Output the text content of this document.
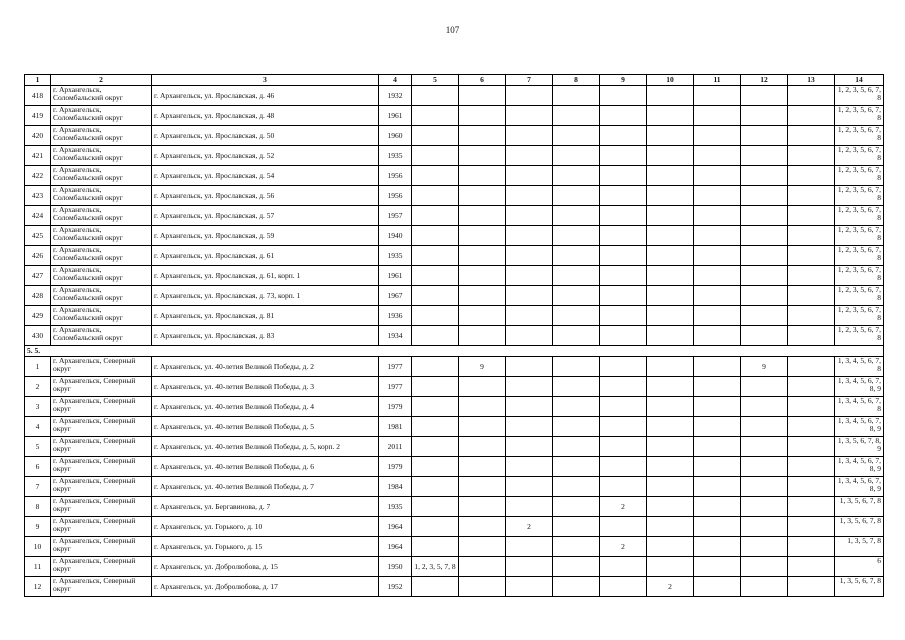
107
1	2	3	4	5	6	7	8	9	10	11	12	13	14
418	г. Архангельск, Соломбальский округ	г. Архангельск, ул. Ярославская, д. 46	1932										1, 2, 3, 5, 6, 7, 8
419	г. Архангельск, Соломбальский округ	г. Архангельск, ул. Ярославская, д. 48	1961										1, 2, 3, 5, 6, 7, 8
420	г. Архангельск, Соломбальский округ	г. Архангельск, ул. Ярославская, д. 50	1960										1, 2, 3, 5, 6, 7, 8
421	г. Архангельск, Соломбальский округ	г. Архангельск, ул. Ярославская, д. 52	1935										1, 2, 3, 5, 6, 7, 8
422	г. Архангельск, Соломбальский округ	г. Архангельск, ул. Ярославская, д. 54	1956										1, 2, 3, 5, 6, 7, 8
423	г. Архангельск, Соломбальский округ	г. Архангельск, ул. Ярославская, д. 56	1956										1, 2, 3, 5, 6, 7, 8
424	г. Архангельск, Соломбальский округ	г. Архангельск, ул. Ярославская, д. 57	1957										1, 2, 3, 5, 6, 7, 8
425	г. Архангельск, Соломбальский округ	г. Архангельск, ул. Ярославская, д. 59	1940										1, 2, 3, 5, 6, 7, 8
426	г. Архангельск, Соломбальский округ	г. Архангельск, ул. Ярославская, д. 61	1935										1, 2, 3, 5, 6, 7, 8
427	г. Архангельск, Соломбальский округ	г. Архангельск, ул. Ярославская, д. 61, корп. 1	1961										1, 2, 3, 5, 6, 7, 8
428	г. Архангельск, Соломбальский округ	г. Архангельск, ул. Ярославская, д. 73, корп. 1	1967										1, 2, 3, 5, 6, 7, 8
429	г. Архангельск, Соломбальский округ	г. Архангельск, ул. Ярославская, д. 81	1936										1, 2, 3, 5, 6, 7, 8
430	г. Архангельск, Соломбальский округ	г. Архангельск, ул. Ярославская, д. 83	1934										1, 2, 3, 5, 6, 7, 8
5. 5.													
1	г. Архангельск, Северный округ	г. Архангельск, ул. 40-летия Великой Победы, д. 2	1977		9						9		1, 3, 4, 5, 6, 7, 8
2	г. Архангельск, Северный округ	г. Архангельск, ул. 40-летия Великой Победы, д. 3	1977										1, 3, 4, 5, 6, 7, 8, 9
3	г. Архангельск, Северный округ	г. Архангельск, ул. 40-летия Великой Победы, д. 4	1979										1, 3, 4, 5, 6, 7, 8
4	г. Архангельск, Северный округ	г. Архангельск, ул. 40-летия Великой Победы, д. 5	1981										1, 3, 4, 5, 6, 7, 8, 9
5	г. Архангельск, Северный округ	г. Архангельск, ул. 40-летия Великой Победы, д. 5, корп. 2	2011										1, 3, 5, 6, 7, 8, 9
6	г. Архангельск, Северный округ	г. Архангельск, ул. 40-летия Великой Победы, д. 6	1979										1, 3, 4, 5, 6, 7, 8, 9
7	г. Архангельск, Северный округ	г. Архангельск, ул. 40-летия Великой Победы, д. 7	1984										1, 3, 4, 5, 6, 7, 8, 9
8	г. Архангельск, Северный округ	г. Архангельск, ул. Бергавинова, д. 7	1935					2					1, 3, 5, 6, 7, 8
9	г. Архангельск, Северный округ	г. Архангельск, ул. Горького, д. 10	1964			2							1, 3, 5, 6, 7, 8
10	г. Архангельск, Северный округ	г. Архангельск, ул. Горького, д. 15	1964					2					1, 3, 5, 7, 8
11	г. Архангельск, Северный округ	г. Архангельск, ул. Добролюбова, д. 15	1950	1, 2, 3, 5, 7, 8									6
12	г. Архангельск, Северный округ	г. Архангельск, ул. Добролюбова, д. 17	1952						2				1, 3, 5, 6, 7, 8
